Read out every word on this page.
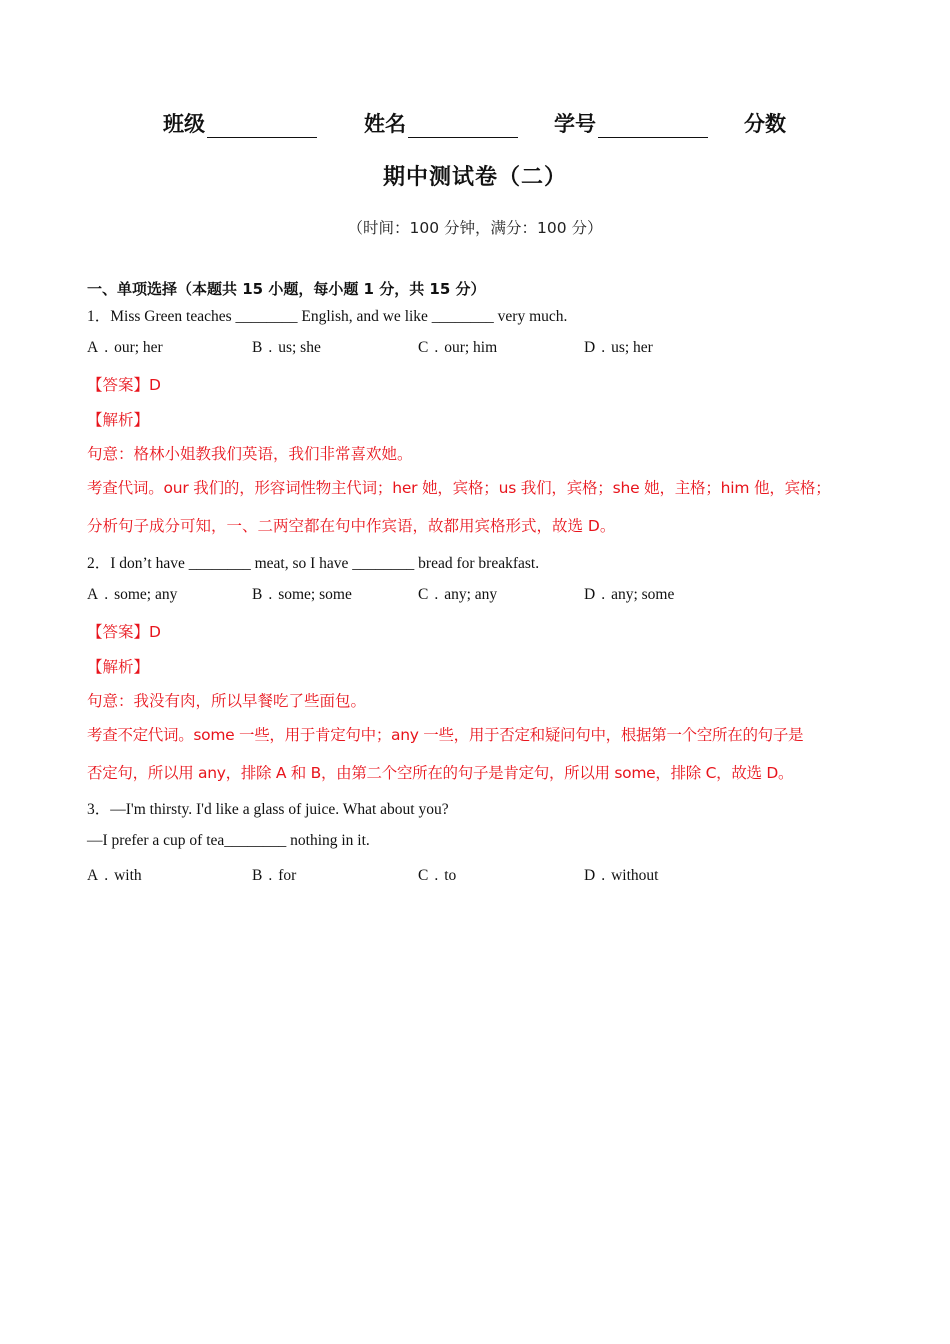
班级	姓名	学号	分数
期中测试卷（二）
（时间：100 分钟，满分：100 分）
一、单项选择（本题共 15 小题，每小题 1 分，共 15 分）
1．Miss Green teaches ________ English, and we like ________ very much.
A . our; her	B . us; she	C . our; him	D . us; her
【答案】D
【解析】
句意：格林小姐教我们英语，我们非常喜欢她。
考查代词。our 我们的，形容词性物主代词；her 她，宾格；us 我们，宾格；she 她，主格；him 他，宾格；
分析句子成分可知，一、二两空都在句中作宾语，故都用宾格形式，故选 D。
2．I don’t have ________ meat, so I have ________ bread for breakfast.
A . some; any	B . some; some	C . any; any	D . any; some
【答案】D
【解析】
句意：我没有肉，所以早餐吃了些面包。
考查不定代词。some 一些，用于肯定句中；any 一些，用于否定和疑问句中，根据第一个空所在的句子是
否定句，所以用 any，排除 A 和 B，由第二个空所在的句子是肯定句，所以用 some，排除 C，故选 D。
3．—I'm thirsty. I'd like a glass of juice. What about you?
—I prefer a cup of tea________ nothing in it.
A . with	B . for	C . to	D . without
